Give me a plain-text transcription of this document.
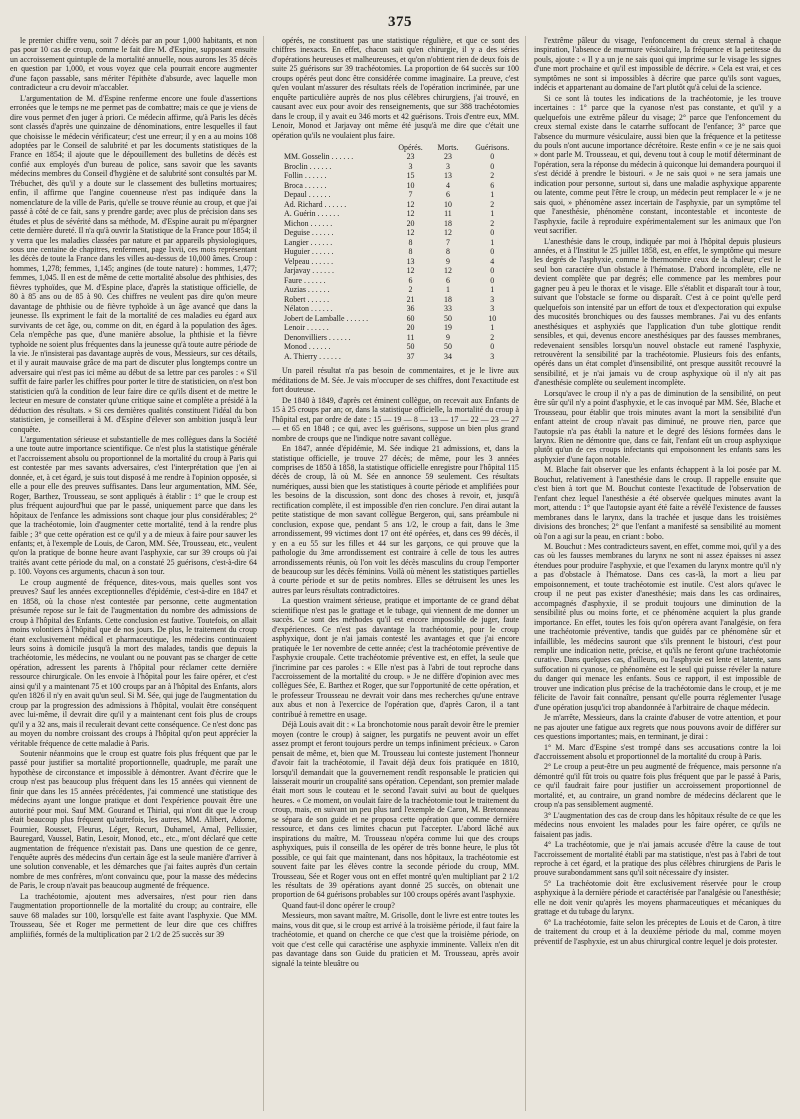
375

le premier chiffre venu, soit 7 décès par an pour 1,000 habitants, et non pas pour 10 cas de croup, comme le fait dire M. d'Espine, supposant ensuite un accroissement quintuple de la mortalité annuelle, nous aurons les 35 décès en question par 1,000, et vous voyez que cela pourrait encore augmenter d'une façon passable, sans mériter l'épithète d'absurde, avec laquelle mon contradicteur a cru devoir m'accabler.

L'argumentation de M. d'Espine renferme encore une foule d'assertions erronées que le temps ne me permet pas de combattre; mais ce que je viens de dire vous permet d'en juger à priori. Ce médecin affirme, qu'à Paris les décès sont classés d'après une quinzaine de dénominations, entre lesquelles il faut que choisisse le médecin vérificateur; c'est une erreur; il y en a au moins 108 adoptées par le Conseil de salubrité et par les documents statistiques de la France en 1854; il ajoute que le dépouillement des bulletins de décès est confié aux employés d'un bureau de police, sans savoir que les savants médecins membres du Conseil d'hygiène et de salubrité sont consultés par M. Trébuchet, dès qu'il y a doute sur le classement des bulletins mortuaires; enfin, il affirme que l'angine couenneuse n'est pas indiquée dans la nomenclature de la ville de Paris, qu'elle se trouve réunie au croup, et que j'ai passé à côté de ce fait, sans y prendre garde; avec plus de précision dans ses études et plus de sévérité dans sa méthode, M. d'Espine aurait pu m'épargner cette dernière dureté. Il n'a qu'à ouvrir la Statistique de la France pour 1854; il y verra que les maladies classées par nature et par appareils physiologiques, sous une centaine de chapitres, renferment, page lxvii, ces mots représentant les décès de toute la France dans les villes au-dessus de 10,000 âmes. Croup : hommes, 1,278; femmes, 1,145; angines (de toute nature) : hommes, 1,477; femmes, 1,045. Il en est de même de cette mortalité absolue des phthisies, des fièvres typhoïdes, que M. d'Espine place, d'après la statistique officielle, de 80 à 85 ans ou de 85 à 90. Ces chiffres ne veulent pas dire qu'on meure davantage de phthisie ou de fièvre typhoïde à un âge avancé que dans la jeunesse. Ils expriment le fait de la mortalité de ces maladies eu égard aux survivants de cet âge, ou, comme on dit, en égard à la population des âges. Cela n'empêche pas que, d'une manière absolue, la phthisie et la fièvre typhoïde ne soient plus fréquentes dans la jeunesse qu'à toute autre période de la vie. Je n'insisterai pas davantage auprès de vous, Messieurs, sur ces détails, et il y aurait mauvaise grâce de ma part de discuter plus longtemps contre un adversaire qui n'est pas ici même au début de sa lettre par ces paroles : « S'il suffit de faire parler les chiffres pour porter le titre de statisticien, on n'est bon statisticien qu'à la condition de leur faire dire ce qu'ils disent et de mettre le lecteur en mesure de constater qu'une critique saine et complète a présidé à la déduction des résultats. » Si ces dernières qualités constituent l'idéal du bon statisticien, je conseillerai à M. d'Espine d'élever son ambition jusqu'à leur conquête.

L'argumentation sérieuse et substantielle de mes collègues dans la Société a une toute autre importance scientifique. Ce n'est plus la statistique générale et l'accroissement absolu ou proportionnel de la mortalité du croup à Paris qui est contestée par mes savants adversaires, c'est l'interprétation que j'en ai donnée, et, à cet égard, je suis tout disposé à me rendre à l'opinion opposée, si elle a pour elle des preuves suffisantes. Dans leur argumentation, MM. Sée, Roger, Barthez, Trousseau, se sont appliqués à établir : 1° que le croup est plus fréquent aujourd'hui que par le passé, uniquement parce que dans les hôpitaux de l'enfance les admissions sont chaque jour plus considérables; 2° que la trachéotomie, loin d'augmenter cette mortalité, tend à la rendre plus faible ; 3° que cette opération est ce qu'il y a de mieux à faire pour sauver les enfants; et, à l'exemple de Louis, de Caron, MM. Sée, Trousseau, etc., veulent qu'on la pratique de bonne heure avant l'asphyxie, car sur 39 croups où j'ai traités avant cette période du mal, on a constaté 25 guérisons, c'est-à-dire 64 p. 100. Voyons ces arguments, chacun à son tour.

Le croup augmenté de fréquence, dites-vous, mais quelles sont vos preuves? Sauf les années exceptionnelles d'épidémie, c'est-à-dire en 1847 et en 1858, où la chose n'est contestée par personne, cette augmentation présumée repose sur le fait de l'augmentation du nombre des admissions de croup à l'hôpital des Enfants. Cette conclusion est fautive. Toutefois, on allait moins volontiers à l'hôpital que de nos jours. De plus, le traitement du croup étant exclusivement médical et pharmaceutique, les médecins continuaient leurs soins à domicile jusqu'à la mort des malades, tandis que depuis la trachéotomie, les médecins, ne voulant ou ne pouvant pas se charger de cette opération, adressent les parents à l'hôpital pour réclamer cette dernière ressource chirurgicale. On les envoie à l'hôpital pour les faire opérer, et c'est ainsi qu'il y a maintenant 75 et 100 croups par an à l'hôpital des Enfants, alors qu'en 1826 il n'y en avait qu'un seul. Si M. Sée, qui juge de l'augmentation du croup par la progression des admissions à l'hôpital, voulait être conséquent avec lui-même, il devrait dire qu'il y a maintenant cent fois plus de croups qu'il y a 32 ans, mais il reculerait devant cette conséquence. Ce n'est donc pas au moyen du nombre croissant des croups à l'hôpital qu'on peut apprécier la véritable fréquence de cette maladie à Paris.

Soutenir néanmoins que le croup est quatre fois plus fréquent que par le passé pour justifier sa mortalité proportionnelle, quadruple, me paraît une hypothèse de circonstance et impossible à démontrer. Avant d'écrire que le croup n'est pas beaucoup plus fréquent dans les 15 années qui viennent de finir que dans les 15 années précédentes, j'ai commencé une statistique des médecins ayant une longue pratique et dont l'expérience pouvait être une autorité pour moi. Sauf MM. Gourand et Thirial, qui n'ont dit que le croup était beaucoup plus fréquent qu'autrefois, les autres, MM. Alibert, Adorne, Fournier, Rousset, Fleurus, Léger, Recurt, Duhamel, Arnal, Pellissier, Bauregard, Vaussel, Batin, Lesoir, Monod, etc., etc., m'ont déclaré que cette augmentation de fréquence n'existait pas. Dans une question de ce genre, l'enquête auprès des médecins d'un certain âge est la seule manière d'arriver à une solution convenable, et les démarches que j'ai faites auprès d'un certain nombre de mes confrères, m'ont convaincu que, pour la masse des médecins de Paris, le croup n'avait pas beaucoup augmenté de fréquence.

La trachéotomie, ajoutent mes adversaires, n'est pour rien dans l'augmentation proportionnelle de la mortalité du croup; au contraire, elle sauve 68 malades sur 100, lorsqu'elle est faite avant l'asphyxie. Que MM. Trousseau, Sée et Roger me permettent de leur dire que ces chiffres ampliifiés, formés de la multiplication par 2 1/2 de 25 succès sur 39

opérés, ne constituent pas une statistique régulière, et que ce sont des chiffres inexacts. En effet, chacun sait qu'en chirurgie, il y a des séries d'opérations heureuses et malheureuses, et qu'on n'obtient rien de deux fois de suite 25 guérisons sur 39 trachéotomies. La proportion de 64 succès sur 100 croups opérés peut donc être considérée comme imaginaire. La preuve, c'est qu'en voulant m'assurer des résultats réels de l'opération incriminée, par une enquête particulière auprès de nos plus célèbres chirurgiens, j'ai trouvé, en causant avec eux pour avoir des renseignements, que sur 388 trachéotomies dans le croup, il y avait eu 346 morts et 42 guérisons. Trois d'entre eux, MM. Lenoir, Monod et Jarjavay ont même été jusqu'à me dire que c'était une opération qu'ils ne voulaient plus faire.

	Opérés.	Morts.	Guérisons.
MM. Gosselin . . . . . .	23	23	0
Broclin . . . . . .	3	3	0
Follin . . . . . .	15	13	2
Broca . . . . . .	10	4	6
Depaul . . . . . .	7	6	1
Ad. Richard . . . . . .	12	10	2
A. Guérin . . . . . .	12	11	1
Michon . . . . . .	20	18	2
Deguise . . . . . .	12	12	0
Langier . . . . . .	8	7	1
Huguier . . . . . .	8	8	0
Velpeau . . . . . .	13	9	4
Jarjavay . . . . . .	12	12	0
Faure . . . . . .	6	6	0
Auzias . . . . . .	2	1	1
Robert . . . . . .	21	18	3
Nélaton . . . . . .	36	33	3
Jobert de Lamballe . . . . . .	60	50	10
Lenoir . . . . . .	20	19	1
Denonvilliers . . . . . .	11	9	2
Monod . . . . . .	50	50	0
A. Thierry . . . . . .	37	34	3

Un pareil résultat n'a pas besoin de commentaires, et je le livre aux méditations de M. Sée. Je vais m'occuper de ses chiffres, dont l'exactitude est fort douteuse.

De 1840 à 1849, d'après cet éminent collègue, on recevait aux Enfants de 15 à 25 croups par an; or, dans la statistique officielle, la mortalité du croup à l'hôpital est, par ordre de date : 15 — 19 — 8 — 13 — 17 — 22 — 23 — 27 — et 65 en 1848 ; ce qui, avec les guérisons, suppose un bien plus grand nombre de croups que ne l'indique notre savant collègue.

En 1847, année d'épidémie, M. Sée indique 21 admissions, et, dans la statistique officielle, je trouve 27 décès; de même, pour les 3 années comprises de 1850 à 1858, la statistique officielle enregistre pour l'hôpital 115 décès de croup, là où M. Sée en annonce 59 seulement. Ces résultats numériques, aussi bien que les statistiques à courte période et amplifiées pour les besoins de la discussion, sont donc des choses à revoir, et, jusqu'à rectification complète, il est impossible d'en rien conclure. J'en dirai autant la petite statistique de mon savant collègue Bergeron, qui, sans préambule ni conclusion, expose que, pendant 5 ans 1/2, le croup a fait, dans le 3me arrondissement, 99 victimes dont 17 ont été opérées, et, dans ces 99 décès, il y en a eu 55 sur les filles et 44 sur les garçons, ce qui prouve que la pathologie du 3me arrondissement est contraire à celle de tous les autres arrondissements réunis, où l'on voit les décès masculins du croup l'emporter de beaucoup sur les décès féminins. Voilà où mènent les statistiques partielles à courte période et sur de petits nombres. Elles se détruisent les unes les autres par leurs résultats contradictoires.

La question vraiment sérieuse, pratique et importante de ce grand débat scientifique n'est pas le grattage et le tubage, qui viennent de me donner un succès. Ce sont des méthodes qu'il est encore impossible de juger, faute d'expériences. Ce n'est pas davantage la trachéotomie, pour le croup asphyxique, dont je n'ai jamais contesté les avantages et que j'ai encore pratiquée le 1er novembre de cette année; c'est la trachéotomie préventive de l'asphyxie croupale. Cette trachéotomie préventive est, en effet, la seule que j'incrimine par ces paroles : « Elle n'est pas à l'abri de tout reproche dans l'accroissement de la mortalité du croup. » Je ne diffère d'opinion avec mes collègues Sée, E. Barthez et Roger, que sur l'opportunité de cette opération, et le professeur Trousseau ne devrait voir dans mes recherches qu'une entrave aux abus et non à l'exercice de l'opération que, d'après Caron, il a tant contribué à remettre en usage.

Déjà Louis avait dit : « La bronchotomie nous paraît devoir être le premier moyen (contre le croup) à saigner, les purgatifs ne peuvent avoir un effet assez prompt et feront toujours perdre un temps infiniment précieux. » Caron pensait de même, et, bien que M. Trousseau lui conteste justement l'honneur d'avoir fait la trachéotomie, il l'avait déjà deux fois pratiquée en 1810, lorsqu'il demandait que la gouvernement rendît responsable le praticien qui laisserait mourir un croupalité sans opération. Cependant, son premier malade était mort sous le couteau et le second l'avait suivi au bout de quelques heures. « Ce moment, on voulait faire de la trachéotomie tout le traitement du croup, mais, en suivant un peu plus tard l'exemple de Caron, M. Bretonneau se sépara de son guide et ne proposa cette opération que comme dernière ressource, et dans ces limites chacun put l'accepter. L'abord lâché aux inspirations du maître, M. Trousseau n'opéra comme lui que des croups asphyxiques, puis il conseilla de les opérer de très bonne heure, le plus tôt possible, ce qui fait que maintenant, dans nos hôpitaux, la trachéotomie est souvent faite par les élèves contre la seconde période du croup, MM. Trousseau, Sée et Roger vous ont en effet montré qu'en multipliant par 2 1/2 les résultats de 39 opérations ayant donné 25 succès, on obtenait une proportion de 64 guérisons probables sur 100 croups opérés avant l'asphyxie.

Quand faut-il donc opérer le croup?

Messieurs, mon savant maître, M. Grisolle, dont le livre est entre toutes les mains, vous dit que, si le croup est arrivé à la troisième période, il faut faire la trachéotomie, et quand on cherche ce que c'est que la troisième période, on voit que c'est celle qui caractérise une asphyxie imminente. Valleix n'en dit pas davantage dans son Guide du praticien et M. Trousseau, après avoir signalé la teinte bleuâtre ou

l'extrême pâleur du visage, l'enfoncement du creux sternal à chaque inspiration, l'absence de murmure vésiculaire, la fréquence et la petitesse du pouls, ajoute : « Il y a un je ne sais quoi qui imprime sur le visage les signes d'une mort prochaine et qu'il est impossible de décrire. » Cela est vrai, et ces symptômes ne sont si impossibles à décrire que parce qu'ils sont vagues, indécis et appartenant au domaine de l'art plutôt qu'à celui de la science.

Si ce sont là toutes les indications de la trachéotomie, je les trouve incertaines : 1° parce que la cyanose n'est pas constante, et qu'il y a quelquefois une extrême pâleur du visage; 2° parce que l'enfoncement du creux sternal existe dans le catarrhe suffocant de l'enfance; 3° parce que l'absence du murmure vésiculaire, aussi bien que la fréquence et la petitesse du pouls n'ont aucune importance décrétoire. Reste enfin « ce je ne sais quoi » dont parle M. Trousseau, et qui, devenu tout à coup le motif déterminant de l'opération, sera la réponse du médecin à quiconque lui demandera pourquoi il s'est décidé à prendre le bistouri. « Je ne sais quoi » ne sera jamais une indication pour personne, surtout si, dans une maladie asphyxique apparente ou latente, comme peut l'être le croup, un médecin peut remplacer le « je ne sais quoi, » phénomène assez incertain de l'asphyxie, par un symptôme tel que l'anesthésie, phénomène constant, incontestable et inconteste de l'asphyxie, facile à reproduire expérimentalement sur les animaux que l'on veut sacrifier.

L'anesthésie dans le croup, indiquée par moi à l'hôpital depuis plusieurs années, et à l'Institut le 25 juillet 1858, est, en effet, le symptôme qui mesure les degrés de l'asphyxie, comme le thermomètre ceux de la chaleur; c'est le seul bon caractère d'un obstacle à l'hématose. D'abord incomplète, elle ne devient complète que par degrés; elle commence par les membres pour gagner peu à peu le thorax et le visage. Elle s'établit et disparaît tour à tour, suivant que l'obstacle se forme ou disparaît. C'est à ce point qu'elle perd quelquefois son intensité par un effort de toux et d'expectoration qui expulse des mucosités bronchiques ou des fausses membranes. J'ai vu des enfants anesthésiques et asphyxiés que l'application d'un tube glottique rendit sensibles, et qui, devenus encore anesthésiques par des fausses membranes, redevenaient sensibles lorsqu'un nouvel obstacle eut ramené l'asphyxie, retrouvèrent la sensibilité par la trachéotomie. Plusieurs fois des enfants, opérés dans un état complet d'insensibilité, ont presque aussitôt recouvré la sensibilité, et je n'ai jamais vu de croup asphyxique où il n'y ait pas d'anesthésie complète ou seulement incomplète.

Lorsqu'avec le croup il n'y a pas de diminution de la sensibilité, on peut être sûr qu'il n'y a point d'asphyxie, et le cas invoqué par MM. Sée, Blache et Trousseau, pour établir que trois minutes avant la mort la sensibilité d'un enfant atteint de croup n'avait pas diminué, ne prouve rien, parce que l'autopsie n'a pas établi la nature et le degré des lésions formées dans le larynx. Rien ne démontre que, dans ce fait, l'enfant eût un croup asphyxique plutôt qu'un de ces croups infectants qui empoisonnent les enfants sans les asphyxier d'une façon notable.

M. Blache fait observer que les enfants échappent à la loi posée par M. Bouchut, relativement à l'anesthésie dans le croup. Il rappelle ensuite que c'est bien à tort que M. Bouchut conteste l'exactitude de l'observation de l'enfant chez lequel l'anesthésie a été observée quelques minutes avant la mort, attendu : 1° que l'autopsie ayant été faite a révélé l'existence de fausses membranes dans le larynx, dans la trachée et jusque dans les troisièmes divisions des bronches; 2° que l'enfant a manifesté sa sensibilité au moment où l'on a agi sur la peau, en criant : bobo.

M. Bouchut : Mes contradicteurs savent, en effet, comme moi, qu'il y a des cas où les fausses membranes du larynx ne sont ni assez épaisses ni assez étendues pour produire l'asphyxie, et que l'examen du larynx montre qu'il n'y a pas d'obstacle à l'hématose. Dans ces cas-là, la mort a lieu par empoisonnement, et toute trachéotomie est inutile. C'est alors qu'avec le croup il ne peut pas exister d'anesthésie; mais dans les cas ordinaires, accompagnés d'asphyxie, il se produit toujours une diminution de la sensibilité plus ou moins forte, et ce phénomène acquiert la plus grande importance. En effet, toutes les fois qu'on opérera avant l'analgésie, on fera une trachéotomie préventive, tandis que guidés par ce phénomène sûr et infaillible, les médecins sauront que s'ils prennent le bistouri, c'est pour remplir une indication nette, précise, et qu'ils ne feront qu'une trachéotomie curative. Dans quelques cas, d'ailleurs, ou l'asphyxie est lente et latente, sans suffocation ni cyanose, ce phénomène est le seul qui puisse révéler la nature du danger qui menace les enfants. Sous ce rapport, il est impossible de trouver une indication plus précise de la trachéotomie dans le croup, et je me félicite de l'avoir fait connaître, pensant qu'elle pourra réglementer l'usage d'une opération jusqu'ici trop abandonnée à l'arbitraire de chaque médecin.

Je m'arrête, Messieurs, dans la crainte d'abuser de votre attention, et pour ne pas ajouter une fatigue aux regrets que nous pouvons avoir de différer sur ces questions importantes; mais, en terminant, je dirai :

1° M. Marc d'Espine s'est trompé dans ses accusations contre la loi d'accroissement absolu et proportionnel de la mortalité du croup à Paris.

2° Le croup a peut-être un peu augmenté de fréquence, mais personne n'a démontré qu'il fût trois ou quatre fois plus fréquent que par le passé à Paris, ce qu'il faudrait faire pour justifier un accroissement proportionnel de mortalité, et, au contraire, un grand nombre de médecins déclarent que le croup n'a pas sensiblement augmenté.

3° L'augmentation des cas de croup dans les hôpitaux résulte de ce que les médecins nous envoient les malades pour les faire opérer, ce qu'ils ne faisaient pas jadis.

4° La trachéotomie, que je n'ai jamais accusée d'être la cause de tout l'accroissement de mortalité établi par ma statistique, n'est pas à l'abri de tout reproche à cet égard, et la pratique des plus célèbres chirurgiens de Paris le prouve surabondamment sans qu'il soit nécessaire d'y insister.

5° La trachéotomie doit être exclusivement réservée pour le croup asphyxique à la dernière période et caractérisée par l'analgésie ou l'anesthésie; elle ne doit venir qu'après les moyens pharmaceutiques et mécaniques du grattage et du tubage du larynx.

6° La trachéotomie, faite selon les préceptes de Louis et de Caron, à titre de traitement du croup et à la deuxième période du mal, comme moyen préventif de l'asphyxie, est un abus chirurgical contre lequel je dois protester.
